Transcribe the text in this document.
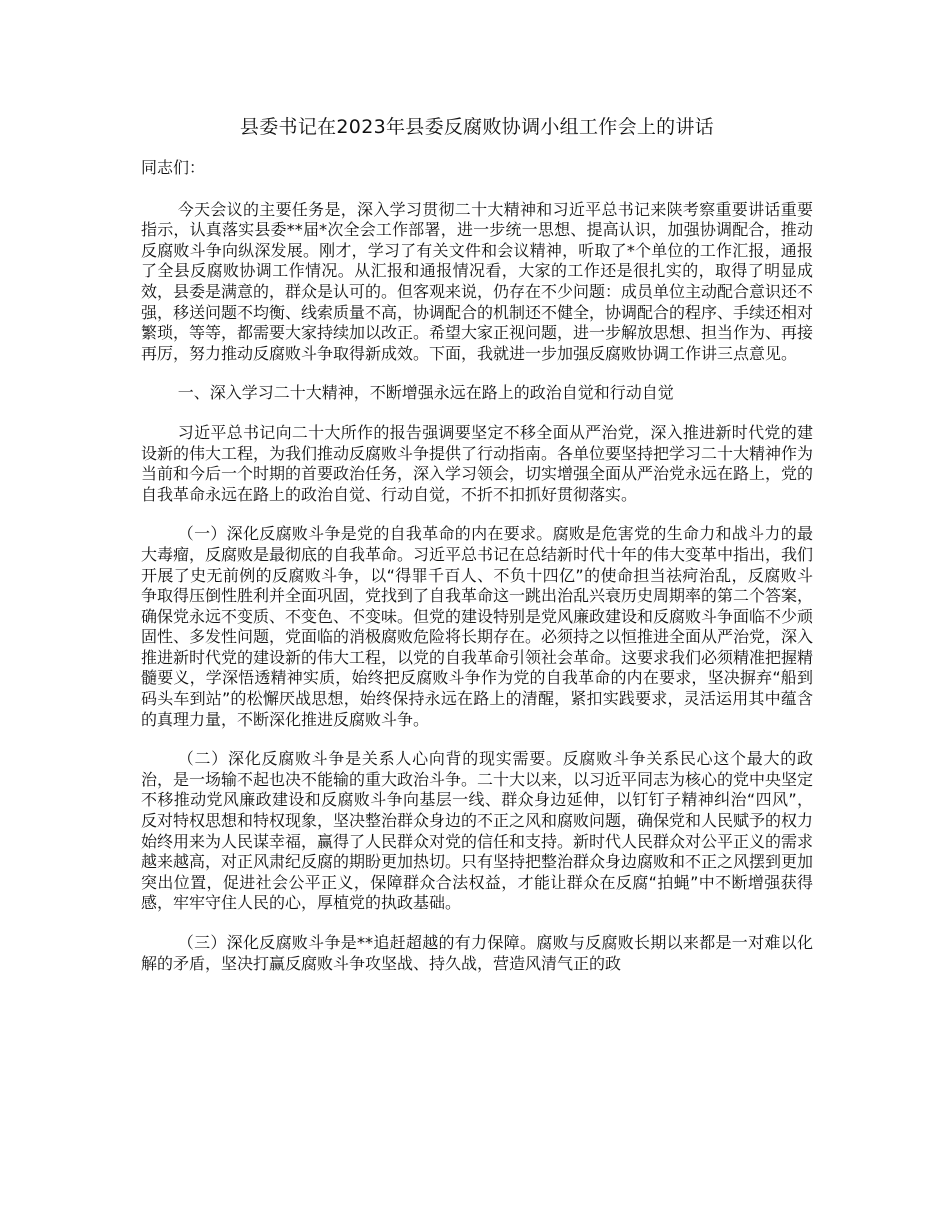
县委书记在2023年县委反腐败协调小组工作会上的讲话

同志们：

今天会议的主要任务是，深入学习贯彻二十大精神和习近平总书记来陕考察重要讲话重要指示，认真落实县委**届*次全会工作部署，进一步统一思想、提高认识，加强协调配合，推动反腐败斗争向纵深发展。刚才，学习了有关文件和会议精神，听取了*个单位的工作汇报，通报了全县反腐败协调工作情况。从汇报和通报情况看，大家的工作还是很扎实的，取得了明显成效，县委是满意的，群众是认可的。但客观来说，仍存在不少问题：成员单位主动配合意识还不强，移送问题不均衡、线索质量不高，协调配合的机制还不健全，协调配合的程序、手续还相对繁琐，等等，都需要大家持续加以改正。希望大家正视问题，进一步解放思想、担当作为、再接再厉，努力推动反腐败斗争取得新成效。下面，我就进一步加强反腐败协调工作讲三点意见。

一、深入学习二十大精神，不断增强永远在路上的政治自觉和行动自觉

习近平总书记向二十大所作的报告强调要坚定不移全面从严治党，深入推进新时代党的建设新的伟大工程，为我们推动反腐败斗争提供了行动指南。各单位要坚持把学习二十大精神作为当前和今后一个时期的首要政治任务，深入学习领会，切实增强全面从严治党永远在路上，党的自我革命永远在路上的政治自觉、行动自觉，不折不扣抓好贯彻落实。

（一）深化反腐败斗争是党的自我革命的内在要求。腐败是危害党的生命力和战斗力的最大毒瘤，反腐败是最彻底的自我革命。习近平总书记在总结新时代十年的伟大变革中指出，我们开展了史无前例的反腐败斗争，以“得罪千百人、不负十四亿”的使命担当祛疴治乱，反腐败斗争取得压倒性胜利并全面巩固，党找到了自我革命这一跳出治乱兴衰历史周期率的第二个答案，确保党永远不变质、不变色、不变味。但党的建设特别是党风廉政建设和反腐败斗争面临不少顽固性、多发性问题，党面临的消极腐败危险将长期存在。必须持之以恒推进全面从严治党，深入推进新时代党的建设新的伟大工程，以党的自我革命引领社会革命。这要求我们必须精准把握精髓要义，学深悟透精神实质，始终把反腐败斗争作为党的自我革命的内在要求，坚决摒弃“船到码头车到站”的松懈厌战思想，始终保持永远在路上的清醒，紧扣实践要求，灵活运用其中蕴含的真理力量，不断深化推进反腐败斗争。

（二）深化反腐败斗争是关系人心向背的现实需要。反腐败斗争关系民心这个最大的政治，是一场输不起也决不能输的重大政治斗争。二十大以来，以习近平同志为核心的党中央坚定不移推动党风廉政建设和反腐败斗争向基层一线、群众身边延伸，以钉钉子精神纠治“四风”，反对特权思想和特权现象，坚决整治群众身边的不正之风和腐败问题，确保党和人民赋予的权力始终用来为人民谋幸福，赢得了人民群众对党的信任和支持。新时代人民群众对公平正义的需求越来越高，对正风肃纪反腐的期盼更加热切。只有坚持把整治群众身边腐败和不正之风摆到更加突出位置，促进社会公平正义，保障群众合法权益，才能让群众在反腐“拍蝇”中不断增强获得感，牢牢守住人民的心，厚植党的执政基础。

（三）深化反腐败斗争是**追赶超越的有力保障。腐败与反腐败长期以来都是一对难以化解的矛盾，坚决打赢反腐败斗争攻坚战、持久战，营造风清气正的政
